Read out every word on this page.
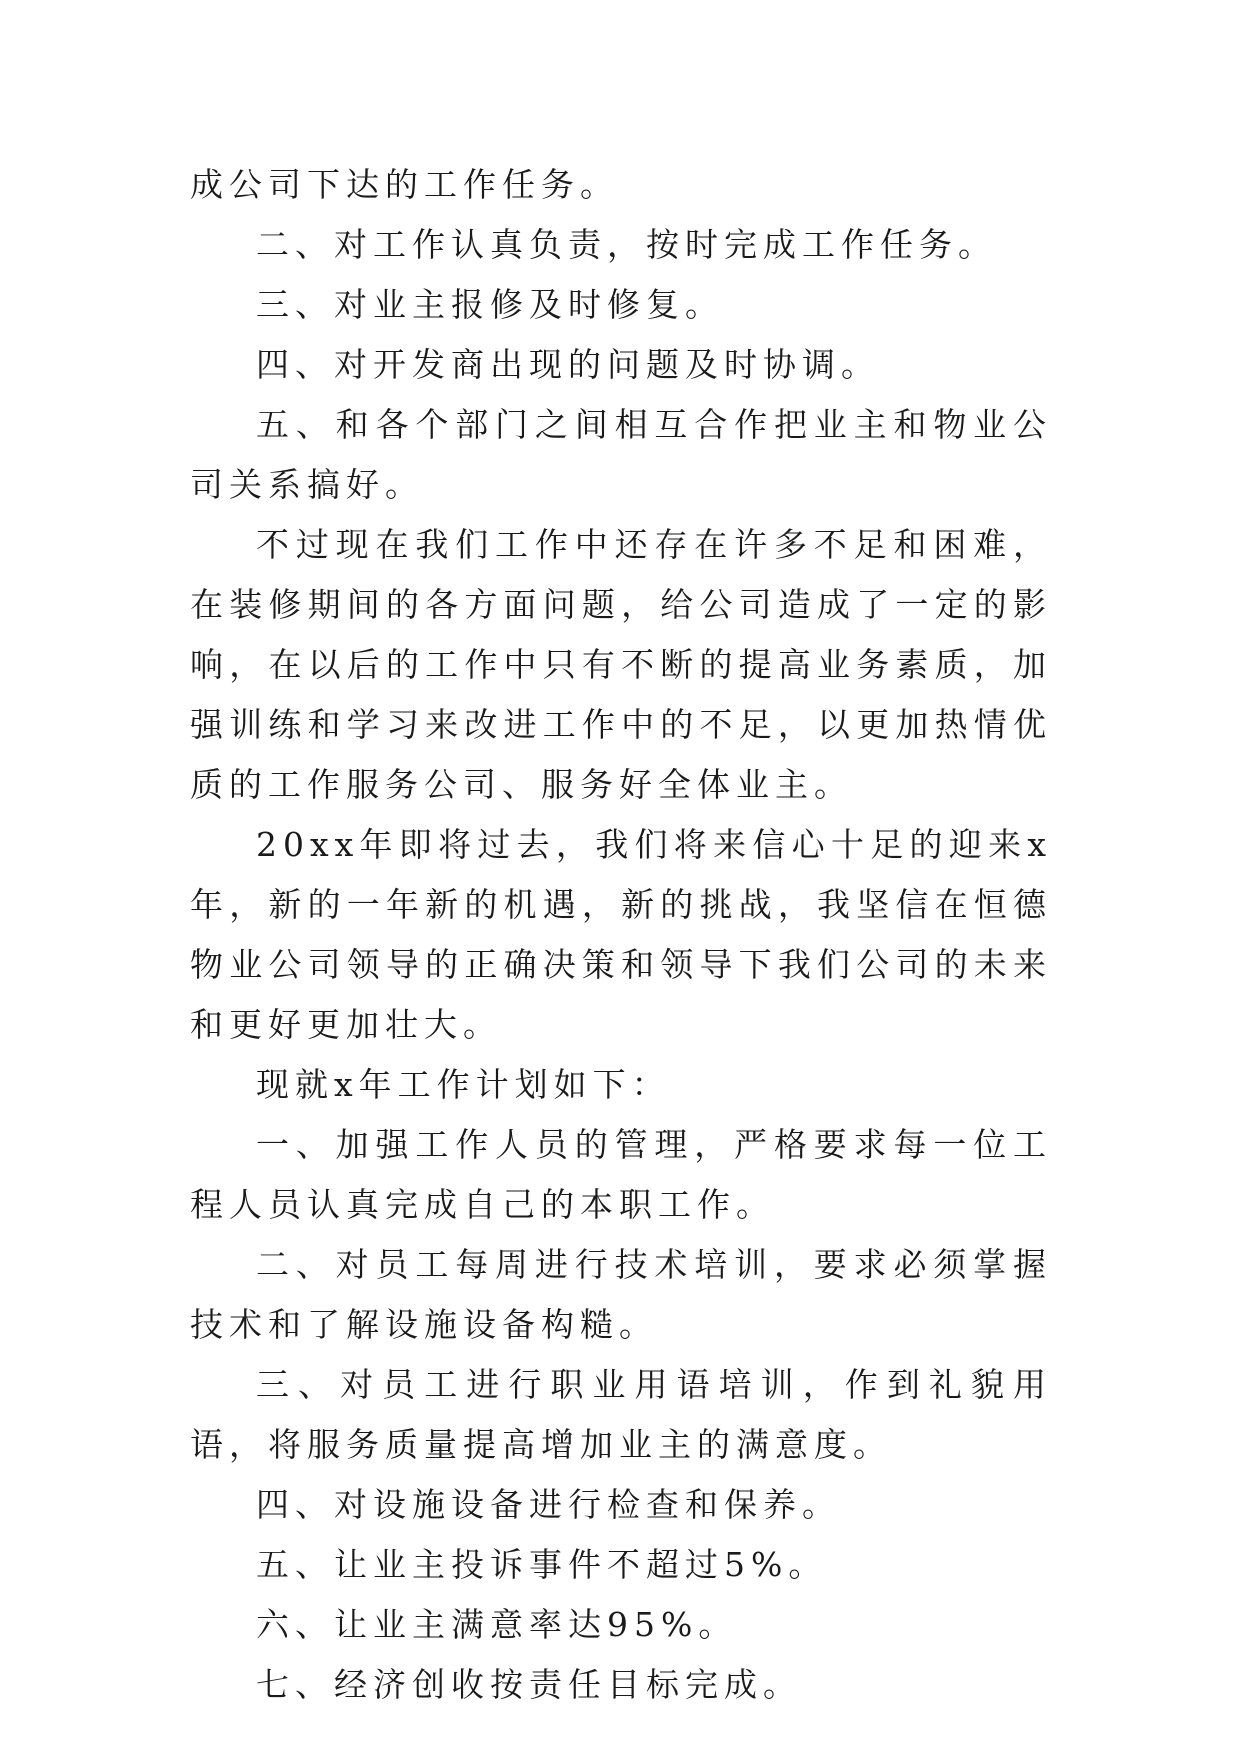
成公司下达的工作任务。

二、对工作认真负责，按时完成工作任务。

三、对业主报修及时修复。

四、对开发商出现的问题及时协调。

五、和各个部门之间相互合作把业主和物业公司关系搞好。

不过现在我们工作中还存在许多不足和困难，在装修期间的各方面问题，给公司造成了一定的影响，在以后的工作中只有不断的提高业务素质，加强训练和学习来改进工作中的不足，以更加热情优质的工作服务公司、服务好全体业主。

20xx年即将过去，我们将来信心十足的迎来x年，新的一年新的机遇，新的挑战，我坚信在恒德物业公司领导的正确决策和领导下我们公司的未来和更好更加壮大。

现就x年工作计划如下：

一、加强工作人员的管理，严格要求每一位工程人员认真完成自己的本职工作。

二、对员工每周进行技术培训，要求必须掌握技术和了解设施设备构糙。

三、对员工进行职业用语培训，作到礼貌用语，将服务质量提高增加业主的满意度。

四、对设施设备进行检查和保养。

五、让业主投诉事件不超过5%。

六、让业主满意率达95%。

七、经济创收按责任目标完成。
